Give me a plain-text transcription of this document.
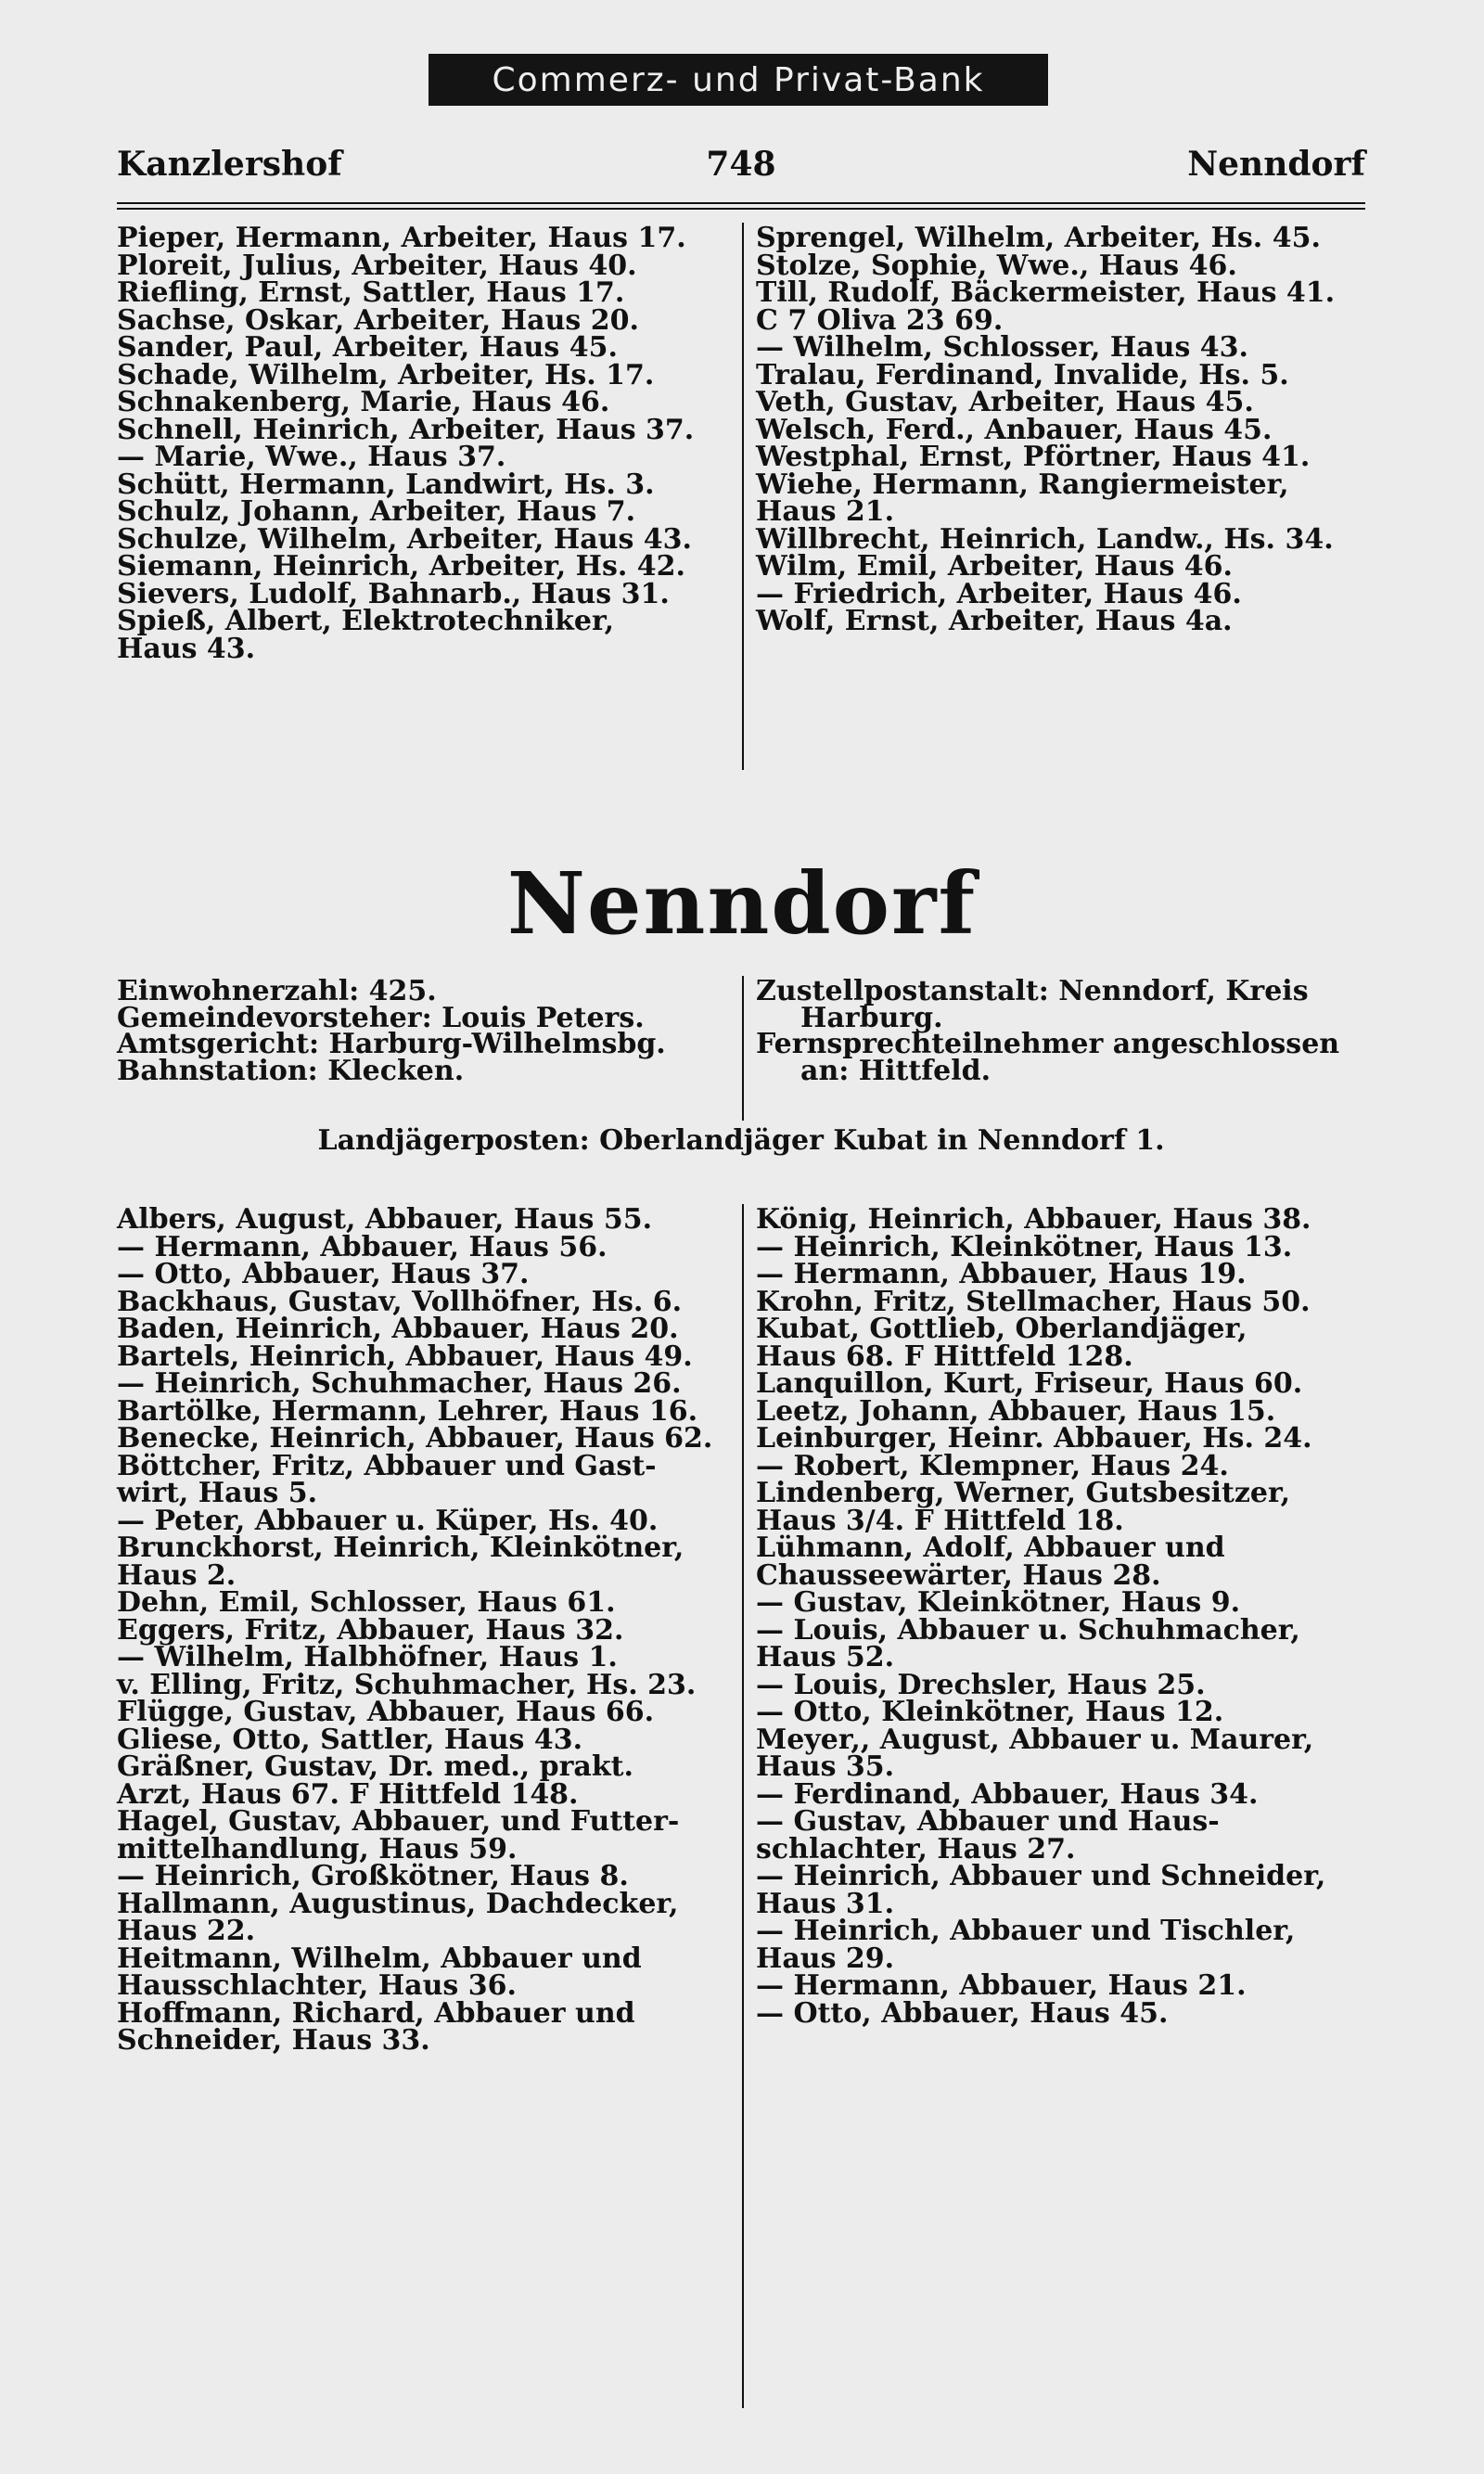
Commerz- und Privat-Bank
748
Kanzlershof	Nenndorf

Pieper, Hermann, Arbeiter, Haus 17.

Ploreit, Julius, Arbeiter, Haus 40.

Riefling, Ernst, Sattler, Haus 17.

Sachse, Oskar, Arbeiter, Haus 20.

Sander, Paul, Arbeiter, Haus 45.

Schade, Wilhelm, Arbeiter, Hs. 17.

Schnakenberg, Marie, Haus 46.

Schnell, Heinrich, Arbeiter, Haus 37.

— Marie, Wwe., Haus 37.

Schütt, Hermann, Landwirt, Hs. 3.

Schulz, Johann, Arbeiter, Haus 7.

Schulze, Wilhelm, Arbeiter, Haus 43.

Siemann, Heinrich, Arbeiter, Hs. 42.

Sievers, Ludolf, Bahnarb., Haus 31.

Spieß, Albert, Elektrotechniker,

Haus 43.

Sprengel, Wilhelm, Arbeiter, Hs. 45.

Stolze, Sophie, Wwe., Haus 46.

Till, Rudolf, Bäckermeister, Haus 41.

C 7 Oliva 23 69.

— Wilhelm, Schlosser, Haus 43.

Tralau, Ferdinand, Invalide, Hs. 5.

Veth, Gustav, Arbeiter, Haus 45.

Welsch, Ferd., Anbauer, Haus 45.

Westphal, Ernst, Pförtner, Haus 41.

Wiehe, Hermann, Rangiermeister,

Haus 21.

Willbrecht, Heinrich, Landw., Hs. 34.

Wilm, Emil, Arbeiter, Haus 46.

— Friedrich, Arbeiter, Haus 46.

Wolf, Ernst, Arbeiter, Haus 4a.

Nenndorf

Einwohnerzahl: 425.

Gemeindevorsteher: Louis Peters.

Amtsgericht: Harburg-Wilhelmsbg.

Bahnstation: Klecken.

Zustellpostanstalt: Nenndorf, Kreis Harburg.

Fernsprechteilnehmer angeschlossen an: Hittfeld.

Landjägerposten: Oberlandjäger Kubat in Nenndorf 1.

Albers, August, Abbauer, Haus 55.

— Hermann, Abbauer, Haus 56.

— Otto, Abbauer, Haus 37.

Backhaus, Gustav, Vollhöfner, Hs. 6.

Baden, Heinrich, Abbauer, Haus 20.

Bartels, Heinrich, Abbauer, Haus 49.

— Heinrich, Schuhmacher, Haus 26.

Bartölke, Hermann, Lehrer, Haus 16.

Benecke, Heinrich, Abbauer, Haus 62.

Böttcher, Fritz, Abbauer und Gast-

wirt, Haus 5.

— Peter, Abbauer u. Küper, Hs. 40.

Brunckhorst, Heinrich, Kleinkötner,

Haus 2.

Dehn, Emil, Schlosser, Haus 61.

Eggers, Fritz, Abbauer, Haus 32.

— Wilhelm, Halbhöfner, Haus 1.

v. Elling, Fritz, Schuhmacher, Hs. 23.

Flügge, Gustav, Abbauer, Haus 66.

Gliese, Otto, Sattler, Haus 43.

Gräßner, Gustav, Dr. med., prakt.

Arzt, Haus 67. F Hittfeld 148.

Hagel, Gustav, Abbauer, und Futter-

mittelhandlung, Haus 59.

— Heinrich, Großkötner, Haus 8.

Hallmann, Augustinus, Dachdecker,

Haus 22.

Heitmann, Wilhelm, Abbauer und

Hausschlachter, Haus 36.

Hoffmann, Richard, Abbauer und

Schneider, Haus 33.

König, Heinrich, Abbauer, Haus 38.

— Heinrich, Kleinkötner, Haus 13.

— Hermann, Abbauer, Haus 19.

Krohn, Fritz, Stellmacher, Haus 50.

Kubat, Gottlieb, Oberlandjäger,

Haus 68. F Hittfeld 128.

Lanquillon, Kurt, Friseur, Haus 60.

Leetz, Johann, Abbauer, Haus 15.

Leinburger, Heinr. Abbauer, Hs. 24.

— Robert, Klempner, Haus 24.

Lindenberg, Werner, Gutsbesitzer,

Haus 3/4. F Hittfeld 18.

Lühmann, Adolf, Abbauer und

Chausseewärter, Haus 28.

— Gustav, Kleinkötner, Haus 9.

— Louis, Abbauer u. Schuhmacher,

Haus 52.

— Louis, Drechsler, Haus 25.

— Otto, Kleinkötner, Haus 12.

Meyer,, August, Abbauer u. Maurer,

Haus 35.

— Ferdinand, Abbauer, Haus 34.

— Gustav, Abbauer und Haus-

schlachter, Haus 27.

— Heinrich, Abbauer und Schneider,

Haus 31.

— Heinrich, Abbauer und Tischler,

Haus 29.

— Hermann, Abbauer, Haus 21.

— Otto, Abbauer, Haus 45.
